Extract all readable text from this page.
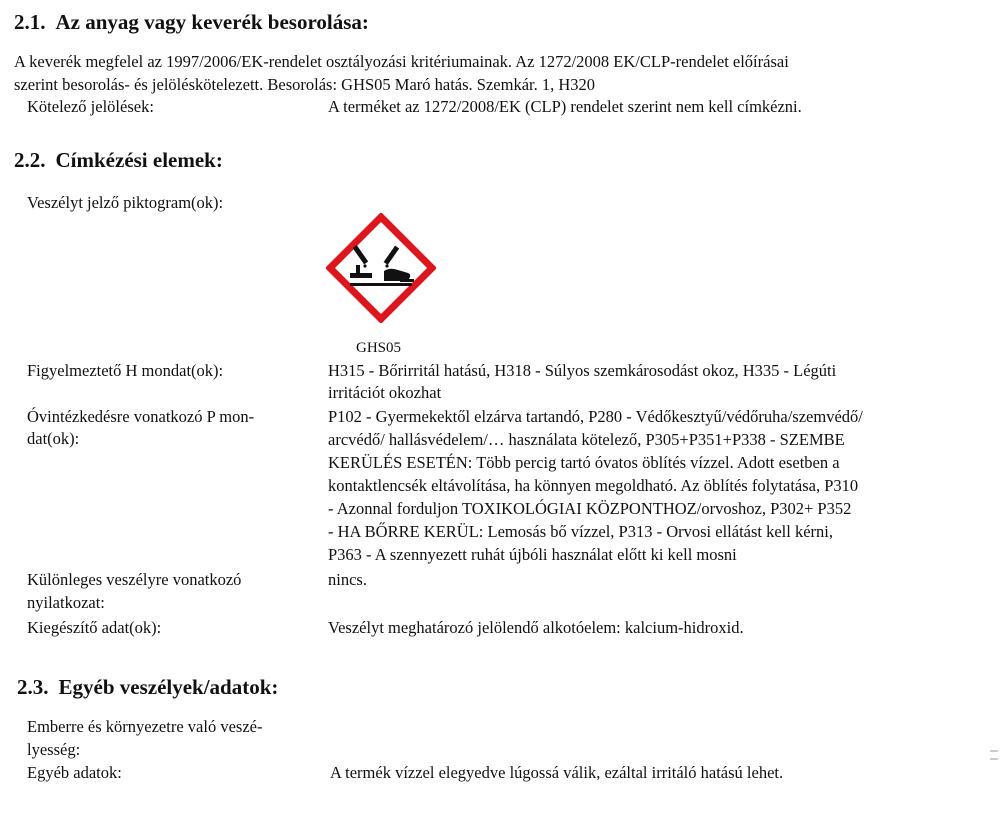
2.1. Az anyag vagy keverék besorolása:
A keverék megfelel az 1997/2006/EK-rendelet osztályozási kritériumainak. Az 1272/2008 EK/CLP-rendelet előírásai
szerint besorolás- és jelöléskötelezett. Besorolás: GHS05 Maró hatás. Szemkár. 1, H320
Kötelező jelölések:	A terméket az 1272/2008/EK (CLP) rendelet szerint nem kell címkézni.
2.2. Címkézési elemek:
Veszélyt jelző piktogram(ok):
GHS05
Figyelmeztető H mondat(ok):	H315 - Bőrirritál hatású, H318 - Súlyos szemkárosodást okoz, H335 - Légúti
irritációt okozhat
Óvintézkedésre vonatkozó P mon-
dat(ok):
P102 - Gyermekektől elzárva tartandó, P280 - Védőkesztyű/védőruha/szemvédő/
arcvédő/ hallásvédelem/… használata kötelező, P305+P351+P338 - SZEMBE
KERÜLÉS ESETÉN: Több percig tartó óvatos öblítés vízzel. Adott esetben a
kontaktlencsék eltávolítása, ha könnyen megoldható. Az öblítés folytatása, P310
- Azonnal forduljon TOXIKOLÓGIAI KÖZPONTHOZ/orvoshoz, P302+ P352
- HA BŐRRE KERÜL: Lemosás bő vízzel, P313 - Orvosi ellátást kell kérni,
P363 - A szennyezett ruhát újbóli használat előtt ki kell mosni
Különleges veszélyre vonatkozó
nyilatkozat:
nincs.
Kiegészítő adat(ok):	Veszélyt meghatározó jelölendő alkotóelem: kalcium-hidroxid.
2.3. Egyéb veszélyek/adatok:
Emberre és környezetre való veszé-
lyesség:
Egyéb adatok:	A termék vízzel elegyedve lúgossá válik, ezáltal irritáló hatású lehet.
